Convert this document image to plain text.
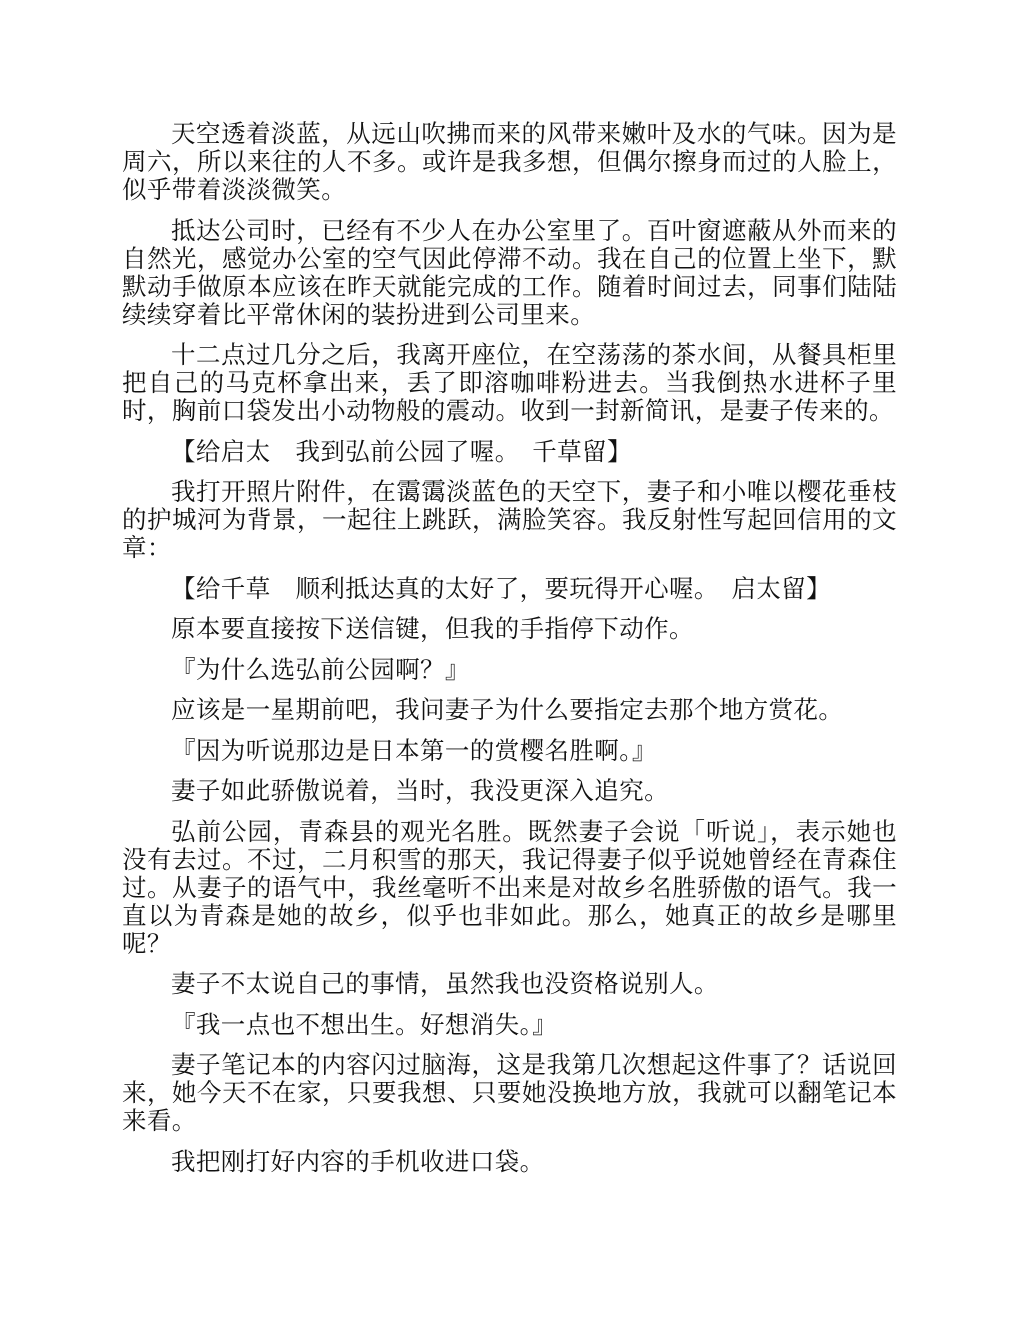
天空透着淡蓝，从远山吹拂而来的风带来嫩叶及水的气味。因为是周六，所以来往的人不多。或许是我多想，但偶尔擦身而过的人脸上，似乎带着淡淡微笑。

抵达公司时，已经有不少人在办公室里了。百叶窗遮蔽从外而来的自然光，感觉办公室的空气因此停滞不动。我在自己的位置上坐下，默默动手做原本应该在昨天就能完成的工作。随着时间过去，同事们陆陆续续穿着比平常休闲的装扮进到公司里来。

十二点过几分之后，我离开座位，在空荡荡的茶水间，从餐具柜里把自己的马克杯拿出来，丢了即溶咖啡粉进去。当我倒热水进杯子里时，胸前口袋发出小动物般的震动。收到一封新简讯，是妻子传来的。

【给启太　我到弘前公园了喔。　千草留】

我打开照片附件，在霭霭淡蓝色的天空下，妻子和小唯以樱花垂枝的护城河为背景，一起往上跳跃，满脸笑容。我反射性写起回信用的文章：

【给千草　顺利抵达真的太好了，要玩得开心喔。　启太留】

原本要直接按下送信键，但我的手指停下动作。

『为什么选弘前公园啊？』

应该是一星期前吧，我问妻子为什么要指定去那个地方赏花。

『因为听说那边是日本第一的赏樱名胜啊。』

妻子如此骄傲说着，当时，我没更深入追究。

弘前公园，青森县的观光名胜。既然妻子会说「听说」，表示她也没有去过。不过，二月积雪的那天，我记得妻子似乎说她曾经在青森住过。从妻子的语气中，我丝毫听不出来是对故乡名胜骄傲的语气。我一直以为青森是她的故乡，似乎也非如此。那么，她真正的故乡是哪里呢？

妻子不太说自己的事情，虽然我也没资格说别人。

『我一点也不想出生。好想消失。』

妻子笔记本的内容闪过脑海，这是我第几次想起这件事了？话说回来，她今天不在家，只要我想、只要她没换地方放，我就可以翻笔记本来看。

我把刚打好内容的手机收进口袋。
